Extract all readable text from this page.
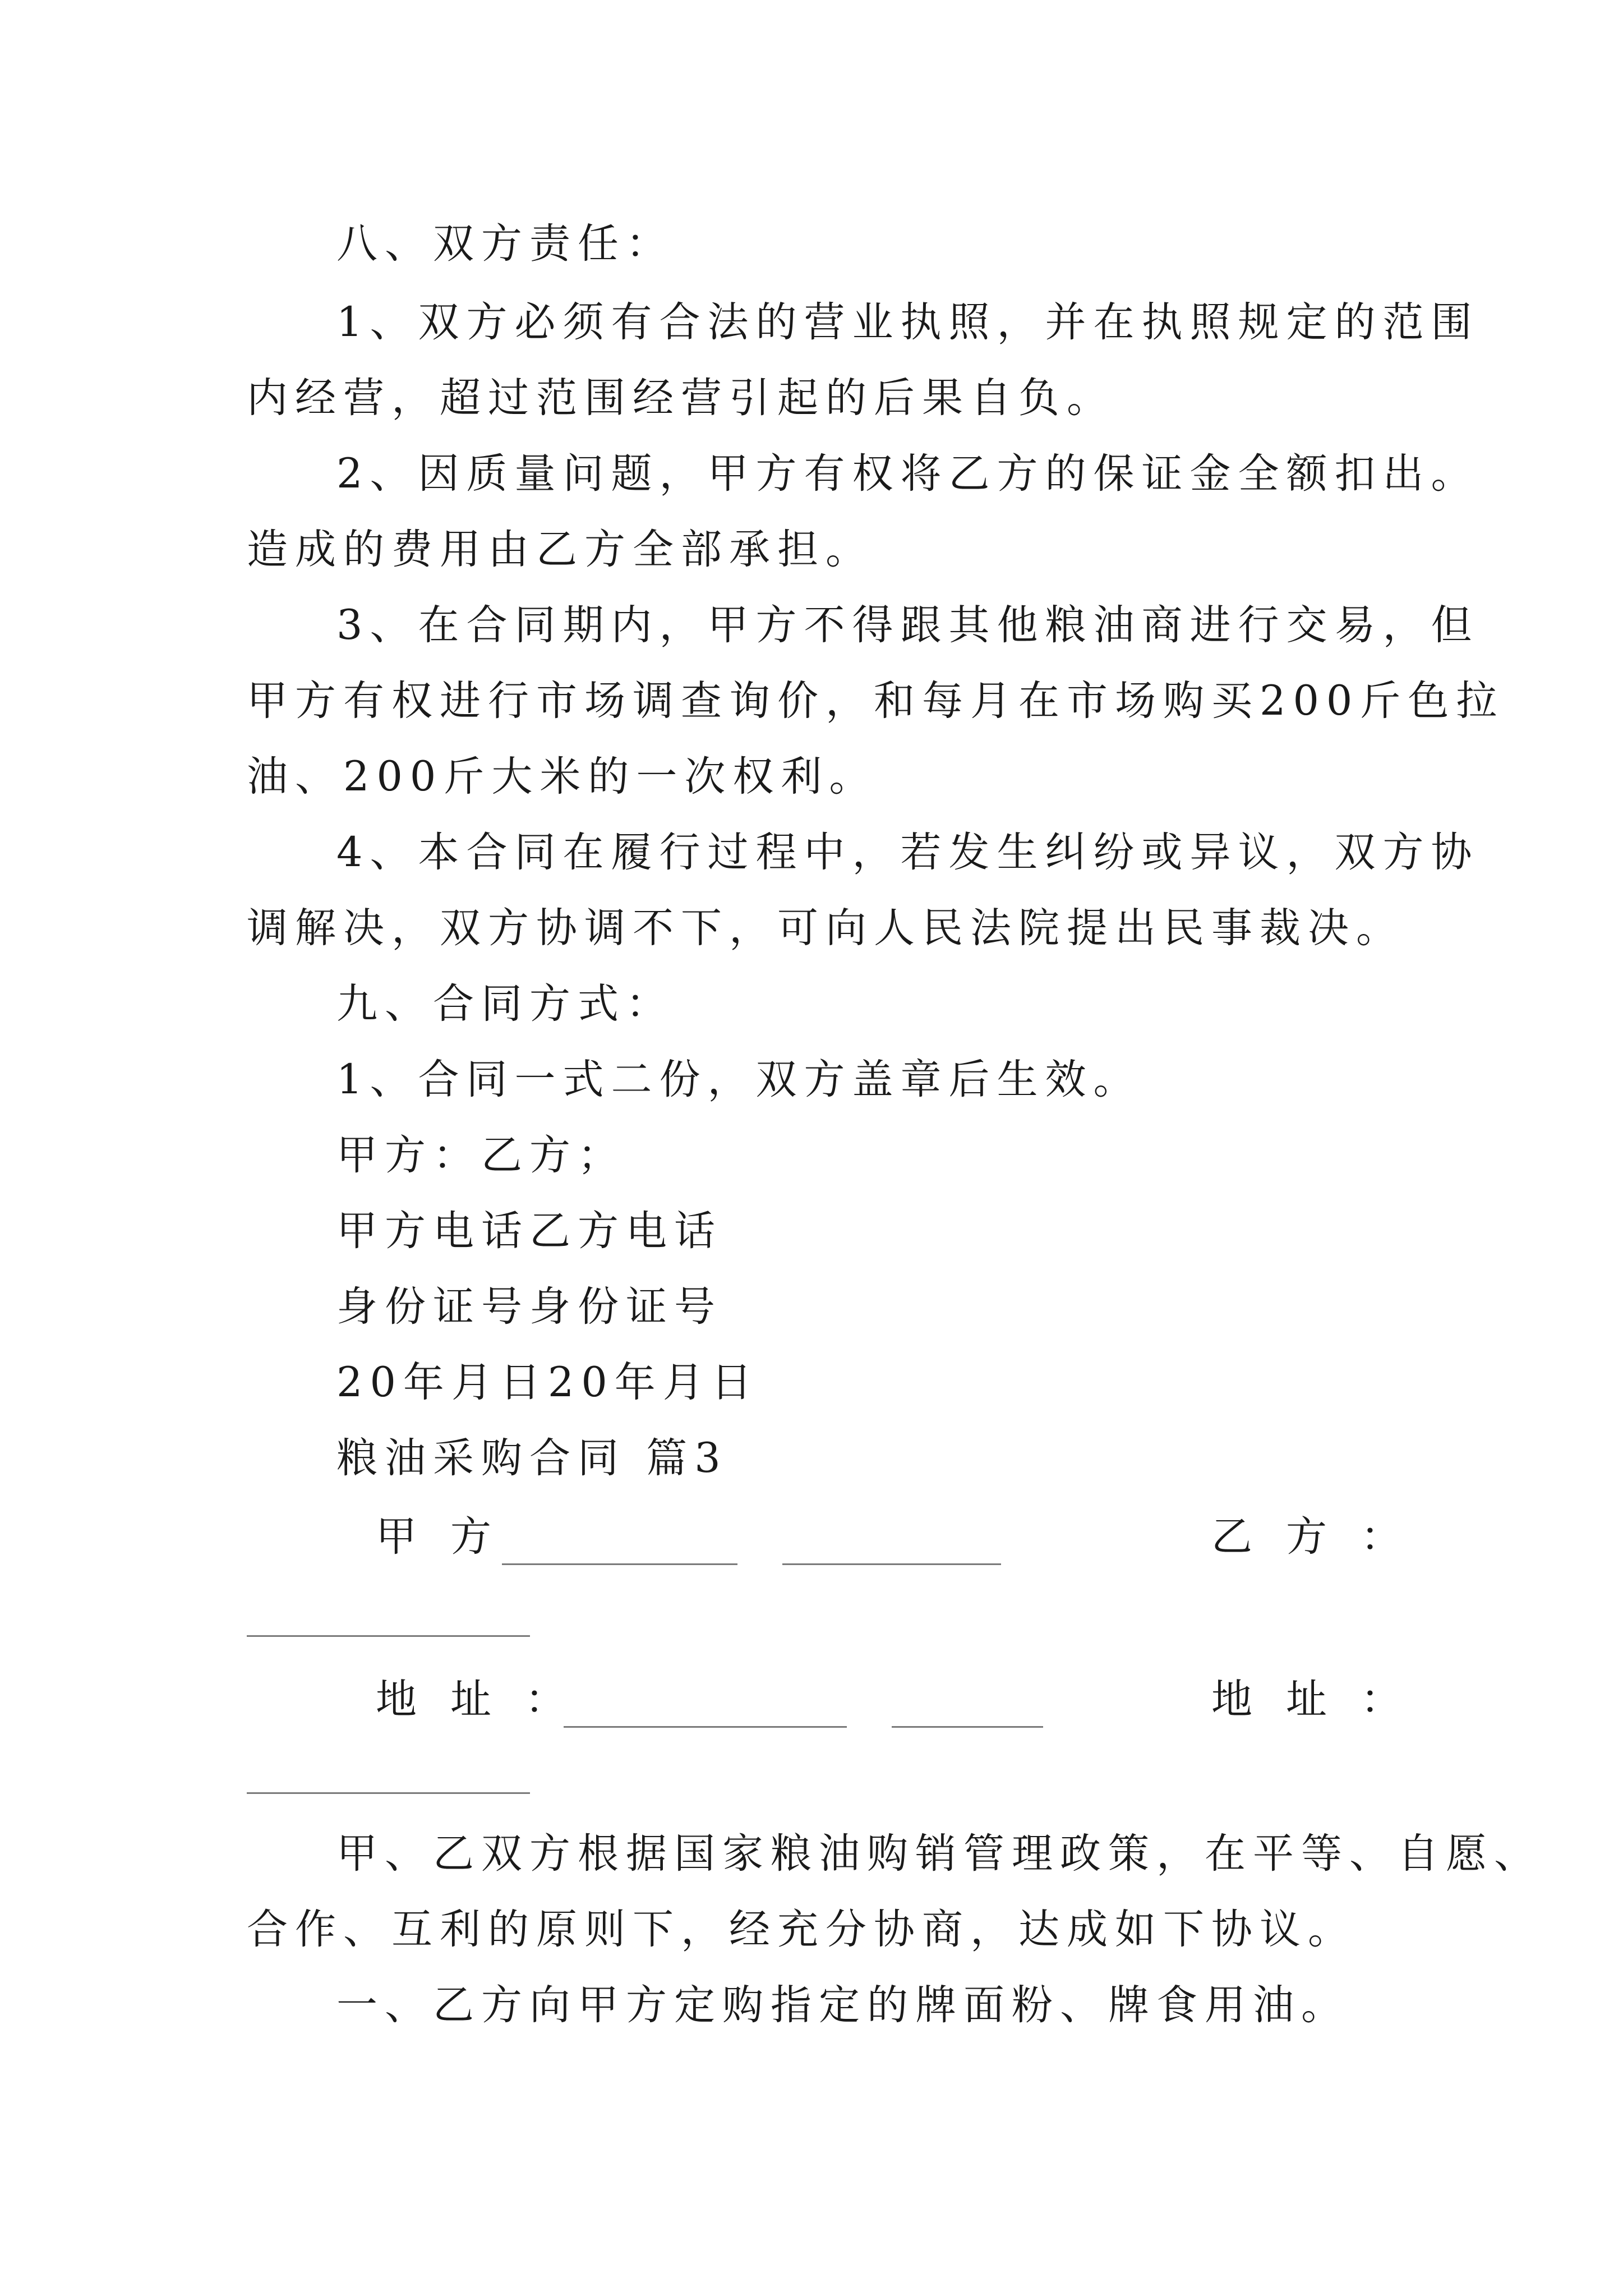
八、双方责任：
1、双方必须有合法的营业执照，并在执照规定的范围
内经营，超过范围经营引起的后果自负。
2、因质量问题，甲方有权将乙方的保证金全额扣出。
造成的费用由乙方全部承担。
3、在合同期内，甲方不得跟其他粮油商进行交易，但
甲方有权进行市场调查询价，和每月在市场购买200斤色拉
油、200斤大米的一次权利。
4、本合同在履行过程中，若发生纠纷或异议，双方协
调解决，双方协调不下，可向人民法院提出民事裁决。
九、合同方式：
1、合同一式二份，双方盖章后生效。
甲方：乙方；
甲方电话乙方电话
身份证号身份证号
20年月日20年月日
粮油采购合同 篇3
甲方	乙方：
地址：	地址：
甲、乙双方根据国家粮油购销管理政策，在平等、自愿、
合作、互利的原则下，经充分协商，达成如下协议。
一、乙方向甲方定购指定的牌面粉、牌食用油。
